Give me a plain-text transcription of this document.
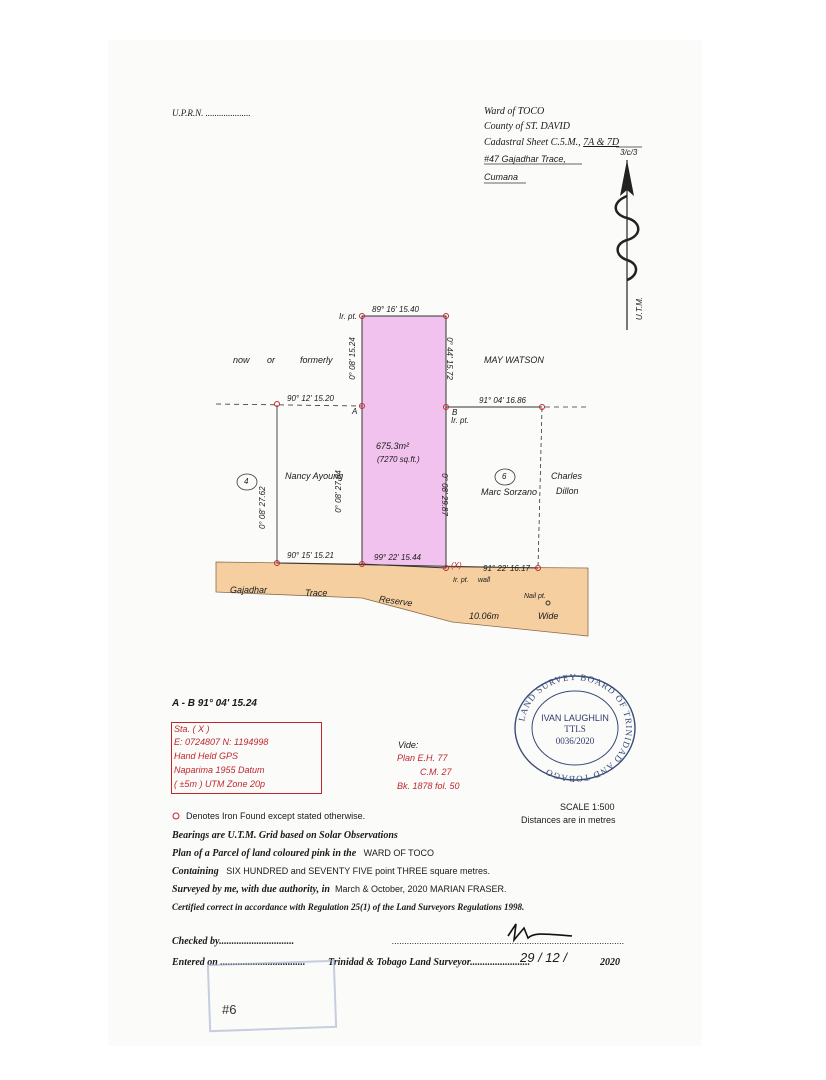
U.P.R.N. ....................	Ward of TOCO
County of ST. DAVID
Cadastral Sheet C.5.M., 7A & 7D
3/c/3
#47 Gajadhar Trace,
Cumana
U.T.M.
Ir. pt.
89° 16' 15.40
0° 08' 15.24	0° 44' 15.72
now or	formerly	MAY WATSON
90° 12' 15.20	91° 04' 16.86
A	B
Ir. pt.
675.3m²
(7270 sq.ft.)
4
0° 08' 27.62
Nancy Ayoung
0° 08' 27.64	0° 08' 29.87	6
Marc Sorzano
Charles
Dillon
90° 15' 15.21	99° 22' 15.44
(X)	91° 22' 16.17
Ir. pt. wall
Gajadhar	Trace
Reserve	Nail pt.
10.06m	Wide
A - B 91° 04' 15.24
Sta. ( X )
E: 0724807 N: 1194998
Hand Held GPS
Naparima 1955 Datum
( ±5m ) UTM Zone 20p
Vide:
Plan E.H. 77
C.M. 27
Bk. 1878 fol. 50
LAND SURVEY BOARD OF TRINIDAD AND TOBAGO
IVAN LAUGHLIN
TTLS
0036/2020
Denotes Iron Found except stated otherwise.
SCALE 1:500
Distances are in metres
Bearings are U.T.M. Grid based on Solar Observations
Plan of a Parcel of land coloured pink in the WARD OF TOCO
Containing SIX HUNDRED and SEVENTY FIVE point THREE square metres.
Surveyed by me, with due authority, in March & October, 2020 MARIAN FRASER.
Certified correct in accordance with Regulation 25(1) of the Land Surveyors Regulations 1998.
Checked by..............................	.............................................................................................
Entered on .................................. Trinidad & Tobago Land Surveyor........................
29 / 12 /	2020
#6
